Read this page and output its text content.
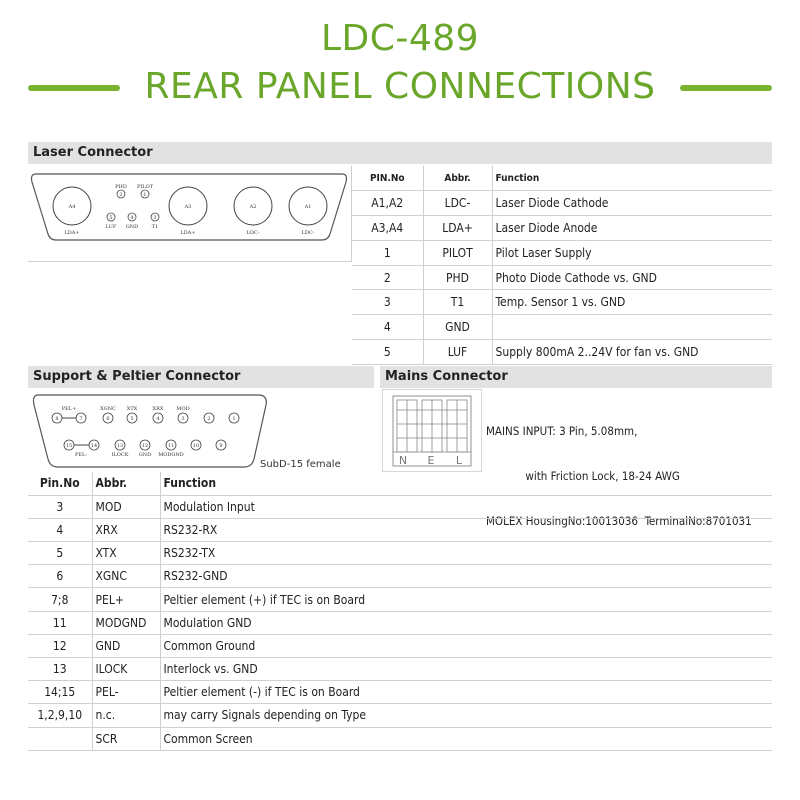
LDC-489
REAR PANEL CONNECTIONS
Laser Connector
A4	A3	A2	A1
PHD PILOT
2	1
5	4	3
LUF GND	T1
LDA+	LDA+	LDC-	LDC-
PIN.No	Abbr.	Function
A1,A2	LDC-	Laser Diode Cathode
A3,A4	LDA+	Laser Diode Anode
1	PILOT	Pilot Laser Supply
2	PHD	Photo Diode Cathode vs. GND
3	T1	Temp. Sensor 1 vs. GND
4	GND	
5	LUF	Supply 800mA 2..24V for fan vs. GND
Support & Peltier Connector
8	7	6	5	4	3	2	1
15	14	13	12	11	10	9
PEL+	XGNC XTX	XRX	MOD
PEL-	ILOCK GND MODGND
SubD-15 female
Mains Connector
N E L

MAINS INPUT: 3 Pin, 5.08mm,

with Friction Lock, 18-24 AWG

MOLEX HousingNo:10013036  TerminalNo:8701031

Pin.No	Abbr.	Function
3	MOD	Modulation Input
4	XRX	RS232-RX
5	XTX	RS232-TX
6	XGNC	RS232-GND
7;8	PEL+	Peltier element (+) if TEC is on Board
11	MODGND	Modulation GND
12	GND	Common Ground
13	ILOCK	Interlock vs. GND
14;15	PEL-	Peltier element (-) if TEC is on Board
1,2,9,10	n.c.	may carry Signals depending on Type
	SCR	Common Screen
